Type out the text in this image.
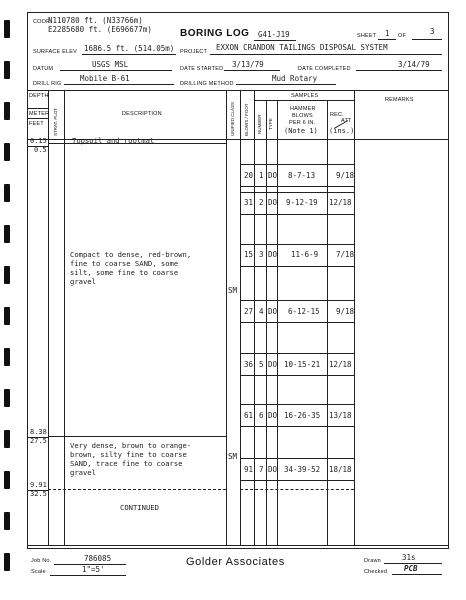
COOR.
N110780 ft. (N33766m)
E2285680 ft. (E696677m)	BORING LOG G41-J19	SHEET 1 OF	3
SURFACE ELEV 1686.5 ft. (514.05m) PROJECT EXXON CRANDON TAILINGS DISPOSAL SYSTEM
DATUM	USGS MSL	DATE STARTED 3/13/79	DATE COMPLETED	3/14/79
DRILL RIG
Mobile B-61
DRILLING METHOD
Mud Rotary
DEPTH
METER
FEET STRAT. PLOT	DESCRIPTION	UNIFIED CLASS BLOWS / FOOT
SAMPLES
NUMBER TYPE
HAMMER
BLOWS
PER 6 IN.
(Note 1)
REC.
ATT
(ins.)
REMARKS
0.15
0.5
8.38
27.5
9.91
32.5
Topsoil and rootmat
Compact to dense, red-brown,
fine to coarse SAND, some
silt, some fine to coarse
gravel
SM
Very dense, brown to orange-
brown, silty fine to coarse
SAND, trace fine to coarse
gravel
SM
CONTINUED
20 1 DO 8-7-13	9/18
31 2 DO 9-12-19 12/18
15 3 DO 11-6-9 7/18
27 4 DO 6-12-15 9/18
36 5 DO 10-15-21 12/18
61 6 DO 16-26-35 13/18
91 7 DO 34-39-52 18/18
Job No.	786085
Scale	1"=5'
Golder Associates	Drawn	31s
Checked PCB
